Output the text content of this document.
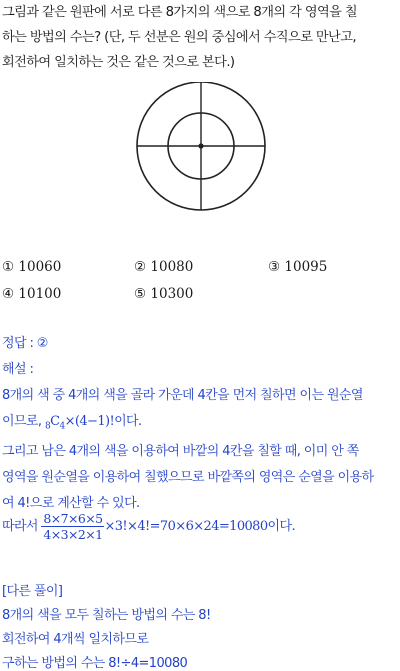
그림과 같은 원판에 서로 다른 8가지의 색으로 8개의 각 영역을 칠
하는 방법의 수는? (단, 두 선분은 원의 중심에서 수직으로 만난고,
회전하여 일치하는 것은 같은 것으로 본다.)
① 10060	② 10080	③ 10095
④ 10100	⑤ 10300
정답 : ②
해설 :
8개의 색 중 4개의 색을 골라 가운데 4칸을 먼저 칠하면 이는 원순열
이므로, $_8C_4\times(4-1)$!이다.
그리고 남은 4개의 색을 이용하여 바깥의 4칸을 칠할 때, 이미 안 쪽
영역을 원순열을 이용하여 칠했으므로 바깥쪽의 영역은 순열을 이용하
여 4!으로 계산할 수 있다.
따라서 $\frac{8\times 7\times 6\times 5}{4\times 3\times 2\times 1} \times 3!\times 4!=70\times 6\times 24=10080$이다.
[다른 풀이]
8개의 색을 모두 칠하는 방법의 수는 8!
회전하여 4개씩 일치하므로
구하는 방법의 수는 8!÷4=10080
